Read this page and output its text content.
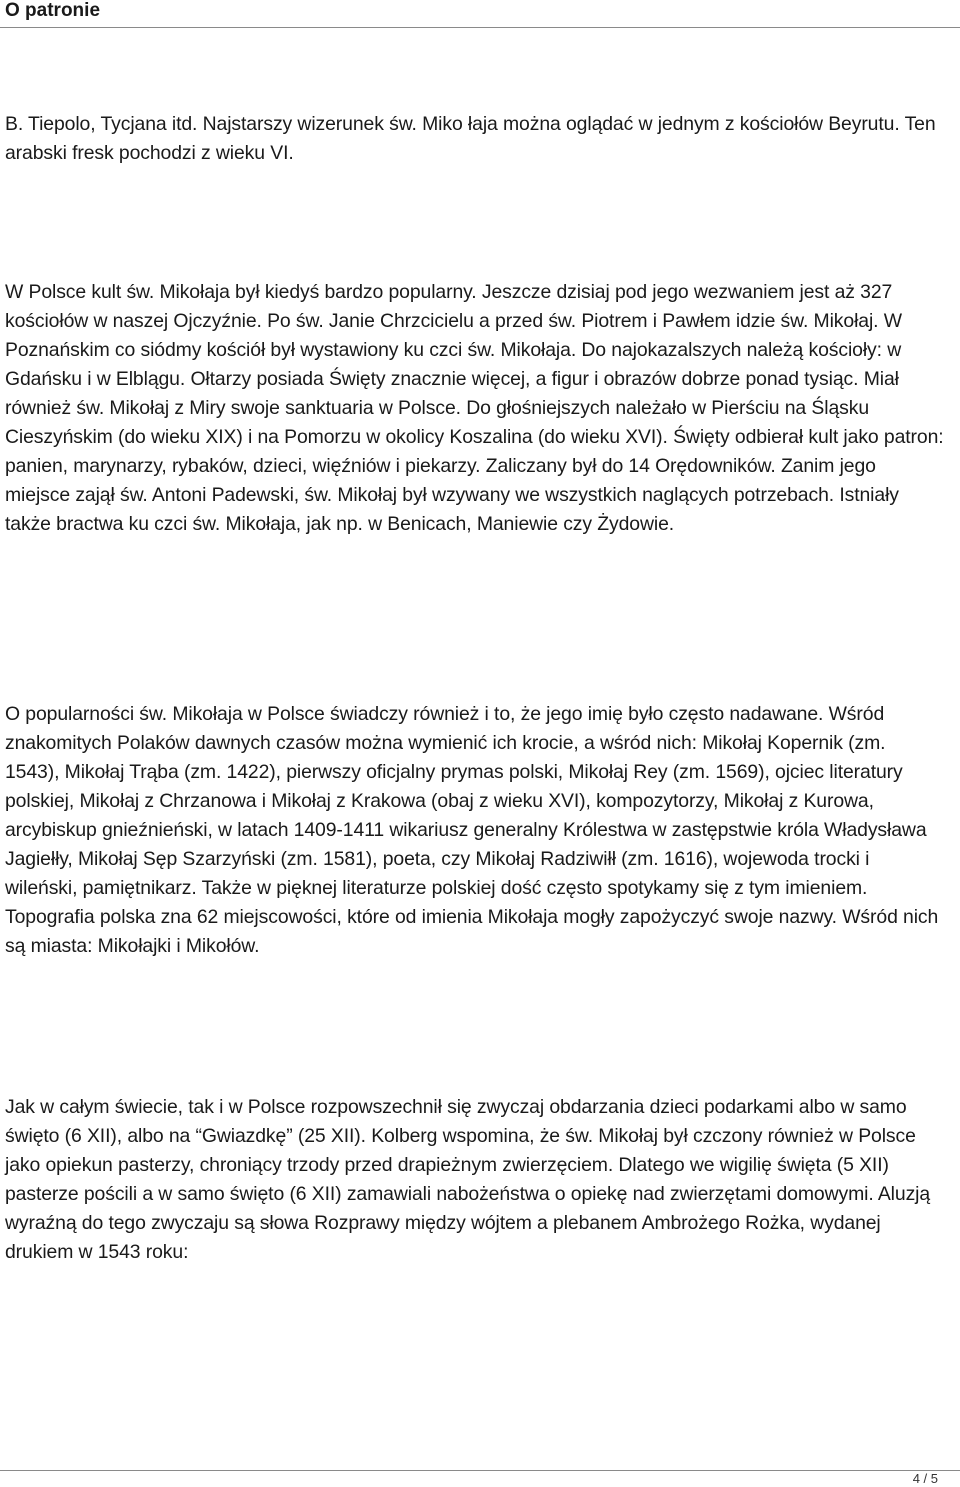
O patronie

B. Tiepolo, Tycjana itd. Najstarszy wizerunek św. Miko łaja można oglądać w jednym z kościołów Beyrutu. Ten arabski fresk pochodzi z wieku VI.

W Polsce kult św. Mikołaja był kiedyś bardzo popularny. Jeszcze dzisiaj pod jego wezwaniem jest aż 327 kościołów w naszej Ojczyźnie. Po św. Janie Chrzcicielu a przed św. Piotrem i Pawłem idzie św. Mikołaj. W Poznańskim co siódmy kościół był wystawiony ku czci św. Mikołaja. Do najokazalszych należą kościoły: w Gdańsku i w Elblągu. Ołtarzy posiada Święty znacznie więcej, a figur i obrazów dobrze ponad tysiąc. Miał również św. Mikołaj z Miry swoje sanktuaria w Polsce. Do głośniejszych należało w Pierściu na Śląsku Cieszyńskim (do wieku XIX) i na Pomorzu w okolicy Koszalina (do wieku XVI). Święty odbierał kult jako patron: panien, marynarzy, rybaków, dzieci, więźniów i piekarzy. Zaliczany był do 14 Orędowników. Zanim jego miejsce zajął św. Antoni Padewski, św. Mikołaj był wzywany we wszystkich naglących potrzebach. Istniały także bractwa ku czci św. Mikołaja, jak np. w Benicach, Maniewie czy Żydowie.

O popularności św. Mikołaja w Polsce świadczy również i to, że jego imię było często nadawane. Wśród znakomitych Polaków dawnych czasów można wymienić ich krocie, a wśród nich: Mikołaj Kopernik (zm. 1543), Mikołaj Trąba (zm. 1422), pierwszy oficjalny prymas polski, Mikołaj Rey (zm. 1569), ojciec literatury polskiej, Mikołaj z Chrzanowa i Mikołaj z Krakowa (obaj z wieku XVI), kompozytorzy, Mikołaj z Kurowa, arcybiskup gnieźnieński, w latach 1409-1411 wikariusz generalny Królestwa w zastępstwie króla Władysława Jagiełły, Mikołaj Sęp Szarzyński (zm. 1581), poeta, czy Mikołaj Radziwiłł (zm. 1616), wojewoda trocki i wileński, pamiętnikarz. Także w pięknej literaturze polskiej dość często spotykamy się z tym imieniem. Topografia polska zna 62 miejscowości, które od imienia Mikołaja mogły zapożyczyć swoje nazwy. Wśród nich są miasta: Mikołajki i Mikołów.

Jak w całym świecie, tak i w Polsce rozpowszechnił się zwyczaj obdarzania dzieci podarkami albo w samo święto (6 XII), albo na “Gwiazdkę” (25 XII). Kolberg wspomina, że św. Mikołaj był czczony również w Polsce jako opiekun pasterzy, chroniący trzody przed drapieżnym zwierzęciem. Dlatego we wigilię święta (5 XII) pasterze pościli a w samo święto (6 XII) zamawiali nabożeństwa o opiekę nad zwierzętami domowymi. Aluzją wyraźną do tego zwyczaju są słowa Rozprawy między wójtem a plebanem Ambrożego Rożka, wydanej drukiem w 1543 roku:

4 / 5
